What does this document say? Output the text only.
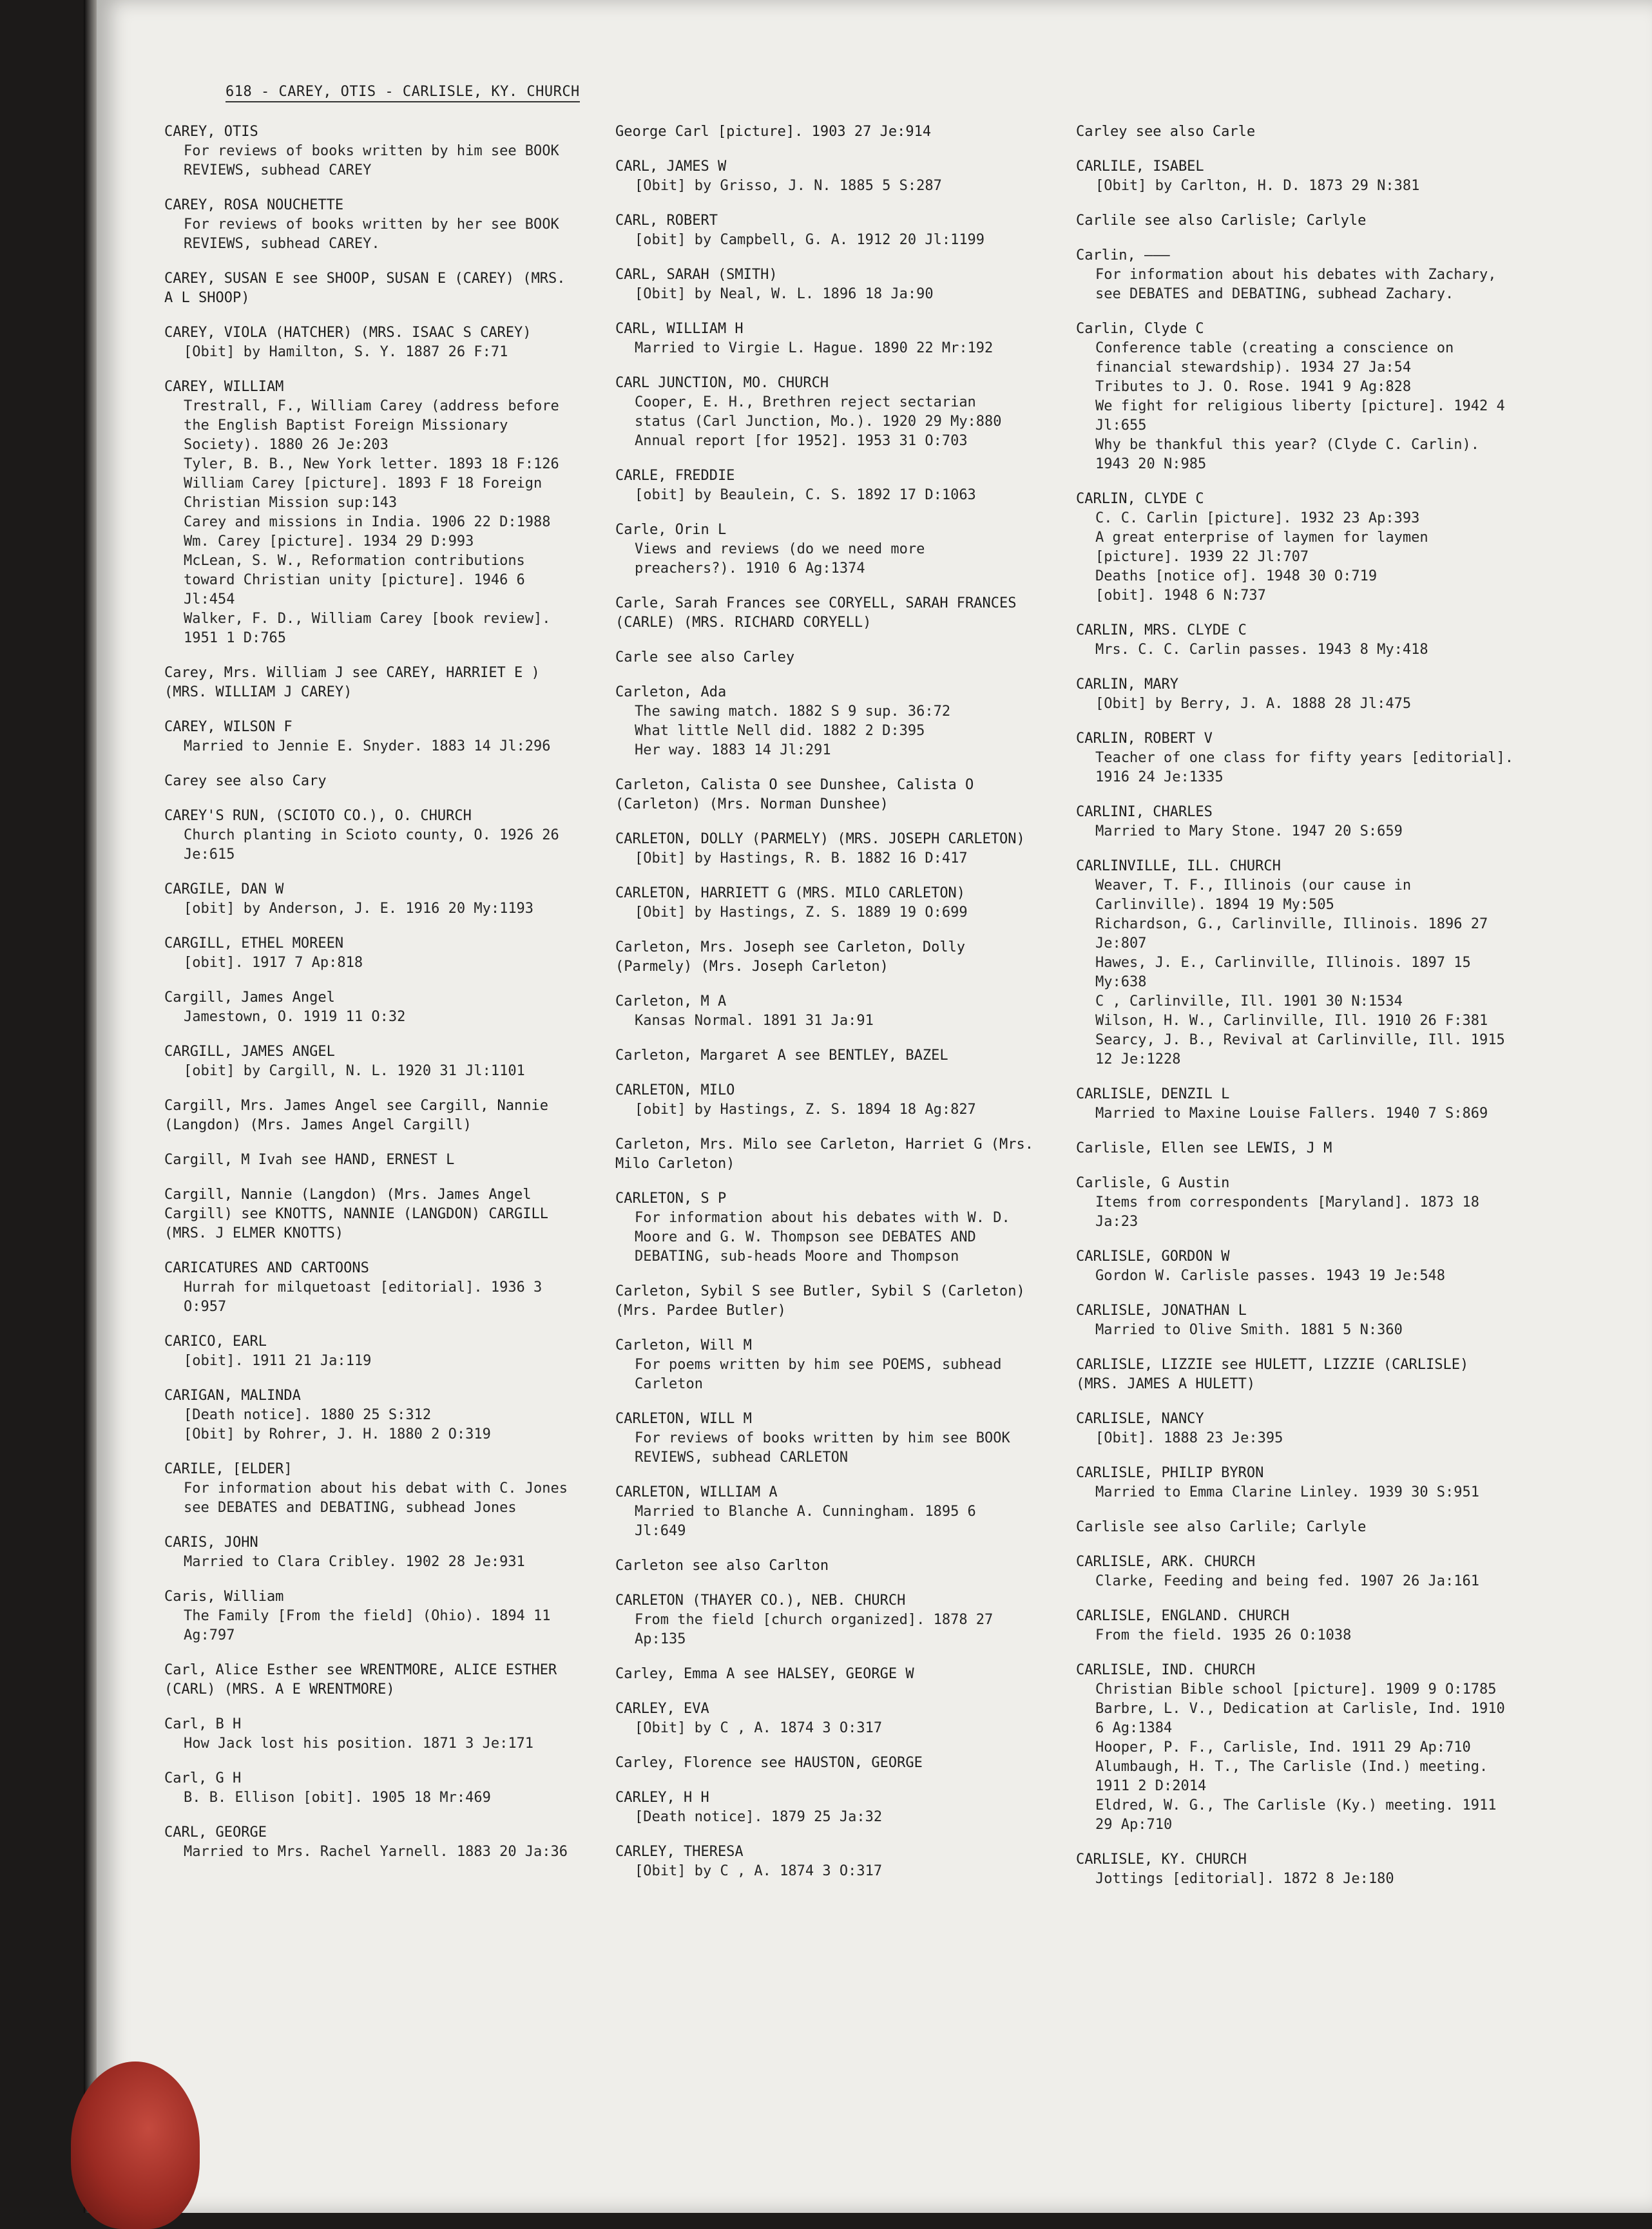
618 - CAREY, OTIS - CARLISLE, KY. CHURCH
CAREY, OTIS
For reviews of books written by him see BOOK REVIEWS, subhead CAREY
CAREY, ROSA NOUCHETTE
For reviews of books written by her see BOOK REVIEWS, subhead CAREY.
CAREY, SUSAN E see SHOOP, SUSAN E (CAREY) (MRS. A L SHOOP)
CAREY, VIOLA (HATCHER) (MRS. ISAAC S CAREY)
[Obit] by Hamilton, S. Y. 1887 26 F:71
CAREY, WILLIAM
Trestrall, F., William Carey (address before the English Baptist Foreign Missionary Society). 1880 26 Je:203
Tyler, B. B., New York letter. 1893 18 F:126
William Carey [picture]. 1893 F 18 Foreign Christian Mission sup:143
Carey and missions in India. 1906 22 D:1988
Wm. Carey [picture]. 1934 29 D:993
McLean, S. W., Reformation contributions toward Christian unity [picture]. 1946 6 Jl:454
Walker, F. D., William Carey [book review]. 1951 1 D:765
Carey, Mrs. William J see CAREY, HARRIET E ) (MRS. WILLIAM J CAREY)
CAREY, WILSON F
Married to Jennie E. Snyder. 1883 14 Jl:296
Carey see also Cary
CAREY'S RUN, (SCIOTO CO.), O. CHURCH
Church planting in Scioto county, O. 1926 26 Je:615
CARGILE, DAN W
[obit] by Anderson, J. E. 1916 20 My:1193
CARGILL, ETHEL MOREEN
[obit]. 1917 7 Ap:818
Cargill, James Angel
Jamestown, O. 1919 11 O:32
CARGILL, JAMES ANGEL
[obit] by Cargill, N. L. 1920 31 Jl:1101
Cargill, Mrs. James Angel see Cargill, Nannie (Langdon) (Mrs. James Angel Cargill)
Cargill, M Ivah see HAND, ERNEST L
Cargill, Nannie (Langdon) (Mrs. James Angel Cargill) see KNOTTS, NANNIE (LANGDON) CARGILL (MRS. J ELMER KNOTTS)
CARICATURES AND CARTOONS
Hurrah for milquetoast [editorial]. 1936 3 O:957
CARICO, EARL
[obit]. 1911 21 Ja:119
CARIGAN, MALINDA
[Death notice]. 1880 25 S:312
[Obit] by Rohrer, J. H. 1880 2 O:319
CARILE, [ELDER]
For information about his debat with C. Jones see DEBATES and DEBATING, subhead Jones
CARIS, JOHN
Married to Clara Cribley. 1902 28 Je:931
Caris, William
The Family [From the field] (Ohio). 1894 11 Ag:797
Carl, Alice Esther see WRENTMORE, ALICE ESTHER (CARL) (MRS. A E WRENTMORE)
Carl, B H
How Jack lost his position. 1871 3 Je:171
Carl, G H
B. B. Ellison [obit]. 1905 18 Mr:469
CARL, GEORGE
Married to Mrs. Rachel Yarnell. 1883 20 Ja:36
George Carl [picture]. 1903 27 Je:914
CARL, JAMES W
[Obit] by Grisso, J. N. 1885 5 S:287
CARL, ROBERT
[obit] by Campbell, G. A. 1912 20 Jl:1199
CARL, SARAH (SMITH)
[Obit] by Neal, W. L. 1896 18 Ja:90
CARL, WILLIAM H
Married to Virgie L. Hague. 1890 22 Mr:192
CARL JUNCTION, MO. CHURCH
Cooper, E. H., Brethren reject sectarian status (Carl Junction, Mo.). 1920 29 My:880
Annual report [for 1952]. 1953 31 O:703
CARLE, FREDDIE
[obit] by Beaulein, C. S. 1892 17 D:1063
Carle, Orin L
Views and reviews (do we need more preachers?). 1910 6 Ag:1374
Carle, Sarah Frances see CORYELL, SARAH FRANCES (CARLE) (MRS. RICHARD CORYELL)
Carle see also Carley
Carleton, Ada
The sawing match. 1882 S 9 sup. 36:72
What little Nell did. 1882 2 D:395
Her way. 1883 14 Jl:291
Carleton, Calista O see Dunshee, Calista O (Carleton) (Mrs. Norman Dunshee)
CARLETON, DOLLY (PARMELY) (MRS. JOSEPH CARLETON)
[Obit] by Hastings, R. B. 1882 16 D:417
CARLETON, HARRIETT G (MRS. MILO CARLETON)
[Obit] by Hastings, Z. S. 1889 19 O:699
Carleton, Mrs. Joseph see Carleton, Dolly (Parmely) (Mrs. Joseph Carleton)
Carleton, M A
Kansas Normal. 1891 31 Ja:91
Carleton, Margaret A see BENTLEY, BAZEL
CARLETON, MILO
[obit] by Hastings, Z. S. 1894 18 Ag:827
Carleton, Mrs. Milo see Carleton, Harriet G (Mrs. Milo Carleton)
CARLETON, S P
For information about his debates with W. D. Moore and G. W. Thompson see DEBATES AND DEBATING, sub-heads Moore and Thompson
Carleton, Sybil S see Butler, Sybil S (Carleton) (Mrs. Pardee Butler)
Carleton, Will M
For poems written by him see POEMS, subhead Carleton
CARLETON, WILL M
For reviews of books written by him see BOOK REVIEWS, subhead CARLETON
CARLETON, WILLIAM A
Married to Blanche A. Cunningham. 1895 6 Jl:649
Carleton see also Carlton
CARLETON (THAYER CO.), NEB. CHURCH
From the field [church organized]. 1878 27 Ap:135
Carley, Emma A see HALSEY, GEORGE W
CARLEY, EVA
[Obit] by C , A. 1874 3 O:317
Carley, Florence see HAUSTON, GEORGE
CARLEY, H H
[Death notice]. 1879 25 Ja:32
CARLEY, THERESA
[Obit] by C , A. 1874 3 O:317
Carley see also Carle
CARLILE, ISABEL
[Obit] by Carlton, H. D. 1873 29 N:381
Carlile see also Carlisle; Carlyle
Carlin, ———
For information about his debates with Zachary, see DEBATES and DEBATING, subhead Zachary.
Carlin, Clyde C
Conference table (creating a conscience on financial stewardship). 1934 27 Ja:54
Tributes to J. O. Rose. 1941 9 Ag:828
We fight for religious liberty [picture]. 1942 4 Jl:655
Why be thankful this year? (Clyde C. Carlin). 1943 20 N:985
CARLIN, CLYDE C
C. C. Carlin [picture]. 1932 23 Ap:393
A great enterprise of laymen for laymen [picture]. 1939 22 Jl:707
Deaths [notice of]. 1948 30 O:719
[obit]. 1948 6 N:737
CARLIN, MRS. CLYDE C
Mrs. C. C. Carlin passes. 1943 8 My:418
CARLIN, MARY
[Obit] by Berry, J. A. 1888 28 Jl:475
CARLIN, ROBERT V
Teacher of one class for fifty years [editorial]. 1916 24 Je:1335
CARLINI, CHARLES
Married to Mary Stone. 1947 20 S:659
CARLINVILLE, ILL. CHURCH
Weaver, T. F., Illinois (our cause in Carlinville). 1894 19 My:505
Richardson, G., Carlinville, Illinois. 1896 27 Je:807
Hawes, J. E., Carlinville, Illinois. 1897 15 My:638
C , Carlinville, Ill. 1901 30 N:1534
Wilson, H. W., Carlinville, Ill. 1910 26 F:381
Searcy, J. B., Revival at Carlinville, Ill. 1915 12 Je:1228
CARLISLE, DENZIL L
Married to Maxine Louise Fallers. 1940 7 S:869
Carlisle, Ellen see LEWIS, J M
Carlisle, G Austin
Items from correspondents [Maryland]. 1873 18 Ja:23
CARLISLE, GORDON W
Gordon W. Carlisle passes. 1943 19 Je:548
CARLISLE, JONATHAN L
Married to Olive Smith. 1881 5 N:360
CARLISLE, LIZZIE see HULETT, LIZZIE (CARLISLE) (MRS. JAMES A HULETT)
CARLISLE, NANCY
[Obit]. 1888 23 Je:395
CARLISLE, PHILIP BYRON
Married to Emma Clarine Linley. 1939 30 S:951
Carlisle see also Carlile; Carlyle
CARLISLE, ARK. CHURCH
Clarke, Feeding and being fed. 1907 26 Ja:161
CARLISLE, ENGLAND. CHURCH
From the field. 1935 26 O:1038
CARLISLE, IND. CHURCH
Christian Bible school [picture]. 1909 9 O:1785
Barbre, L. V., Dedication at Carlisle, Ind. 1910 6 Ag:1384
Hooper, P. F., Carlisle, Ind. 1911 29 Ap:710
Alumbaugh, H. T., The Carlisle (Ind.) meeting. 1911 2 D:2014
Eldred, W. G., The Carlisle (Ky.) meeting. 1911 29 Ap:710
CARLISLE, KY. CHURCH
Jottings [editorial]. 1872 8 Je:180
